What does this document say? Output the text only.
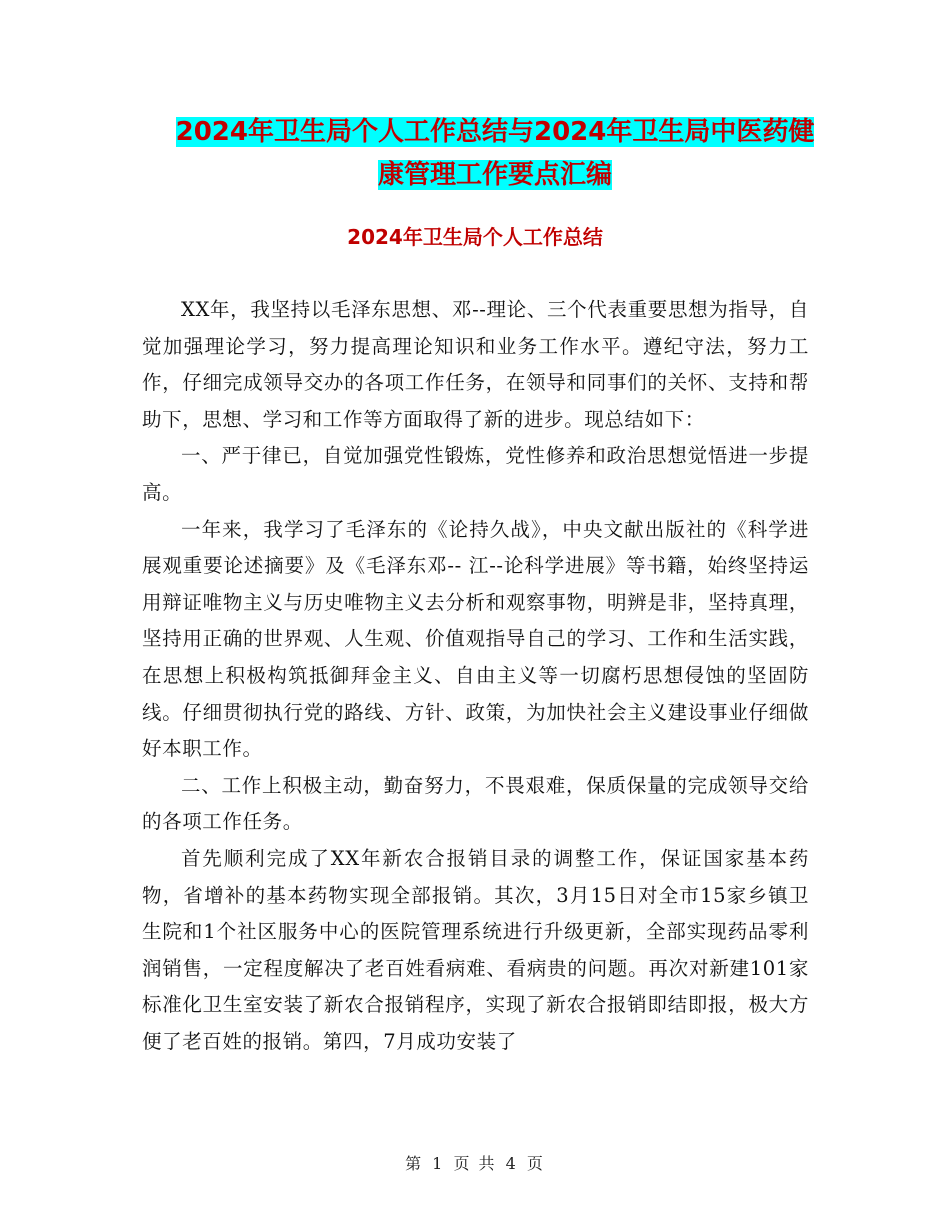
2024年卫生局个人工作总结与2024年卫生局中医药健
康管理工作要点汇编
2024年卫生局个人工作总结

XX年，我坚持以毛泽东思想、邓--理论、三个代表重要思想为指导，自觉加强理论学习，努力提高理论知识和业务工作水平。遵纪守法，努力工作，仔细完成领导交办的各项工作任务，在领导和同事们的关怀、支持和帮助下，思想、学习和工作等方面取得了新的进步。现总结如下：

一、严于律已，自觉加强党性锻炼，党性修养和政治思想觉悟进一步提高。

一年来，我学习了毛泽东的《论持久战》，中央文献出版社的《科学进展观重要论述摘要》及《毛泽东邓-- 江--论科学进展》等书籍，始终坚持运用辩证唯物主义与历史唯物主义去分析和观察事物，明辨是非，坚持真理，坚持用正确的世界观、人生观、价值观指导自己的学习、工作和生活实践，在思想上积极构筑抵御拜金主义、自由主义等一切腐朽思想侵蚀的坚固防线。仔细贯彻执行党的路线、方针、政策，为加快社会主义建设事业仔细做好本职工作。

二、工作上积极主动，勤奋努力，不畏艰难，保质保量的完成领导交给的各项工作任务。

首先顺利完成了XX年新农合报销目录的调整工作，保证国家基本药物，省增补的基本药物实现全部报销。其次，3月15日对全市15家乡镇卫生院和1个社区服务中心的医院管理系统进行升级更新，全部实现药品零利润销售，一定程度解决了老百姓看病难、看病贵的问题。再次对新建101家标准化卫生室安装了新农合报销程序，实现了新农合报销即结即报，极大方便了老百姓的报销。第四，7月成功安装了

第 1 页 共 4 页
